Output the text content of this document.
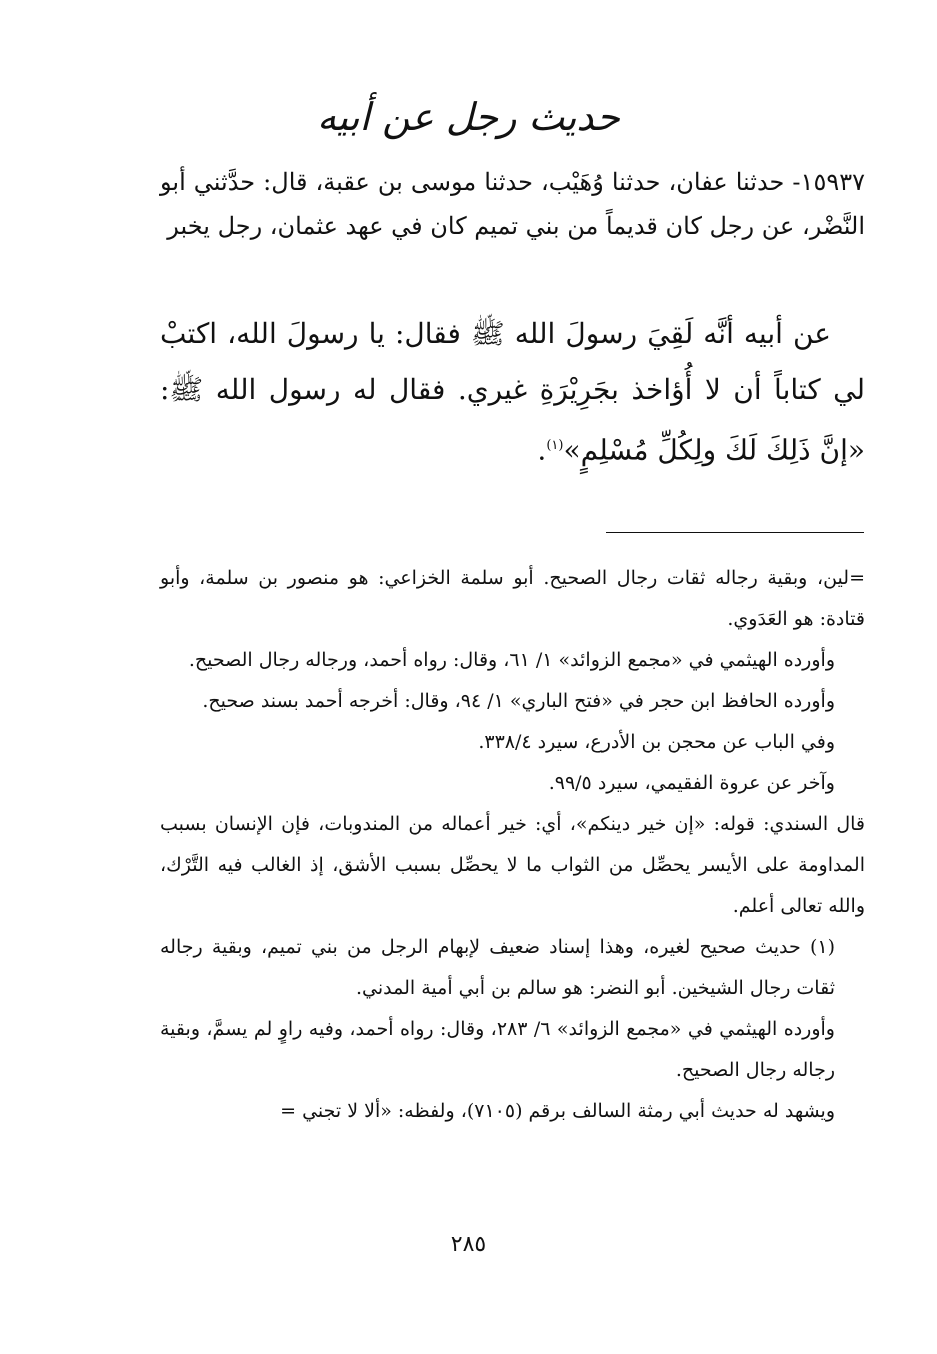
حديث رجل عن أبيه
١٥٩٣٧- حدثنا عفان، حدثنا وُهَيْب، حدثنا موسى بن عقبة، قال: حدَّثني أبو النَّضْر، عن رجل كان قديماً من بني تميم كان في عهد عثمان، رجل يخبر
عن أبيه أنَّه لَقِيَ رسولَ الله ﷺ فقال: يا رسولَ الله، اكتبْ لي كتاباً أن لا أُؤاخذ بجَرِيْرَةِ غيري. فقال له رسول الله ﷺ: «إنَّ ذَلِكَ لَكَ ولِكُلِّ مُسْلِمٍ»$^{(١)}$.

=لين، وبقية رجاله ثقات رجال الصحيح. أبو سلمة الخزاعي: هو منصور بن سلمة، وأبو قتادة: هو العَدَوي.

وأورده الهيثمي في «مجمع الزوائد» ١/ ٦١، وقال: رواه أحمد، ورجاله رجال الصحيح.

وأورده الحافظ ابن حجر في «فتح الباري» ١/ ٩٤، وقال: أخرجه أحمد بسند صحيح.

وفي الباب عن محجن بن الأدرع، سيرد ٣٣٨/٤.

وآخر عن عروة الفقيمي، سيرد ٩٩/٥.

قال السندي: قوله: «إن خير دينكم»، أي: خير أعماله من المندوبات، فإن الإنسان بسبب المداومة على الأيسر يحصِّل من الثواب ما لا يحصِّل بسبب الأشق، إذ الغالب فيه التَّرْك، والله تعالى أعلم.

(١) حديث صحيح لغيره، وهذا إسناد ضعيف لإبهام الرجل من بني تميم، وبقية رجاله ثقات رجال الشيخين. أبو النضر: هو سالم بن أبي أمية المدني.

وأورده الهيثمي في «مجمع الزوائد» ٦/ ٢٨٣، وقال: رواه أحمد، وفيه راوٍ لم يسمَّ، وبقية رجاله رجال الصحيح.

ويشهد له حديث أبي رمثة السالف برقم (٧١٠٥)، ولفظه: «ألا لا تجني =

٢٨٥
